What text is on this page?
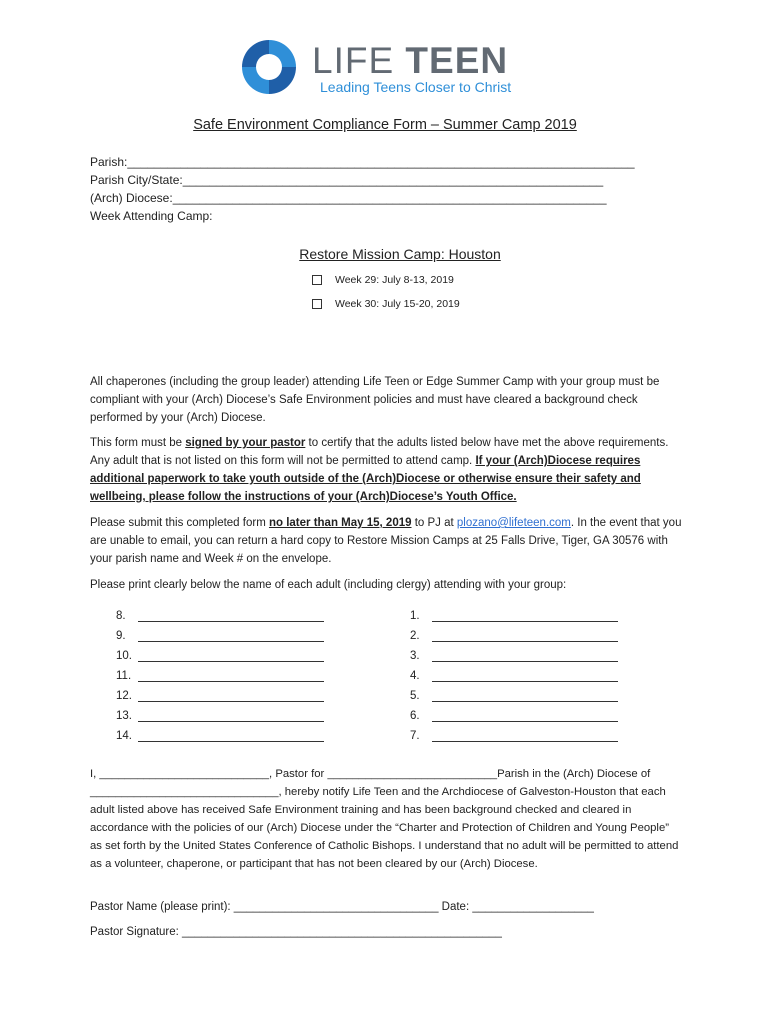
LIFE TEEN
Leading Teens Closer to Christ
Safe Environment Compliance Form – Summer Camp 2019
Parish:____________________________________________________________________________
Parish City/State:_______________________________________________________________
(Arch) Diocese:_________________________________________________________________
Week Attending Camp:
Restore Mission Camp: Houston
Week 29: July 8-13, 2019
Week 30: July 15-20, 2019
All chaperones (including the group leader) attending Life Teen or Edge Summer Camp with your group must be compliant with your (Arch) Diocese’s Safe Environment policies and must have cleared a background check performed by your (Arch) Diocese.
This form must be signed by your pastor to certify that the adults listed below have met the above requirements. Any adult that is not listed on this form will not be permitted to attend camp. If your (Arch)Diocese requires additional paperwork to take youth outside of the (Arch)Diocese or otherwise ensure their safety and wellbeing, please follow the instructions of your (Arch)Diocese’s Youth Office.
Please submit this completed form no later than May 15, 2019 to PJ at plozano@lifeteen.com. In the event that you are unable to email, you can return a hard copy to Restore Mission Camps at 25 Falls Drive, Tiger, GA 30576 with your parish name and Week # on the envelope.
Please print clearly below the name of each adult (including clergy) attending with your group:
8.
9.
10.
11.
12.
13.
14.
1.
2.
3.
4.
5.
6.
7.
I, ___________________________, Pastor for ___________________________Parish in the (Arch) Diocese of ______________________________, hereby notify Life Teen and the Archdiocese of Galveston-Houston that each adult listed above has received Safe Environment training and has been background checked and cleared in accordance with the policies of our (Arch) Diocese under the “Charter and Protection of Children and Young People” as set forth by the United States Conference of Catholic Bishops. I understand that no adult will be permitted to attend as a volunteer, chaperone, or participant that has not been cleared by our (Arch) Diocese.
Pastor Name (please print): ________________________________ Date: ___________________
Pastor Signature: __________________________________________________
